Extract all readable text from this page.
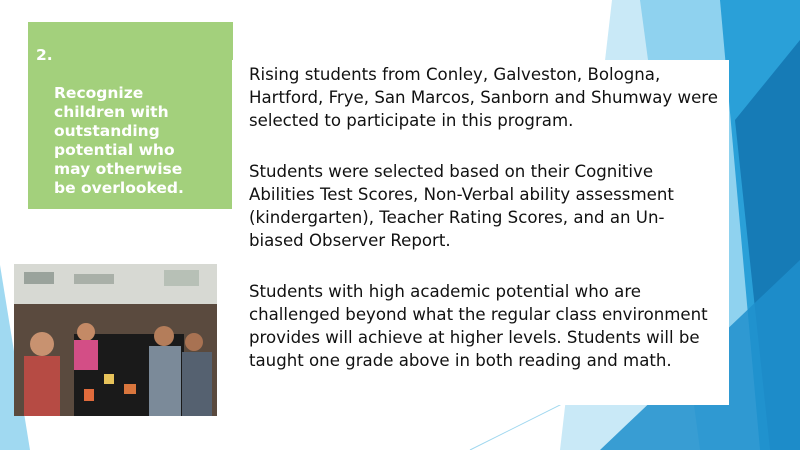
2.

Recognize
children with
outstanding
potential who
may otherwise
be overlooked.

Rising students from Conley, Galveston, Bologna, Hartford, Frye, San Marcos, Sanborn and Shumway were selected to participate in this program.

Students were selected based on their Cognitive Abilities Test Scores, Non-Verbal ability assessment (kindergarten), Teacher Rating Scores, and an Un-biased Observer Report.

Students with high academic potential who are challenged beyond what the regular class environment provides will achieve at higher levels. Students will be taught one grade above in both reading and math.
